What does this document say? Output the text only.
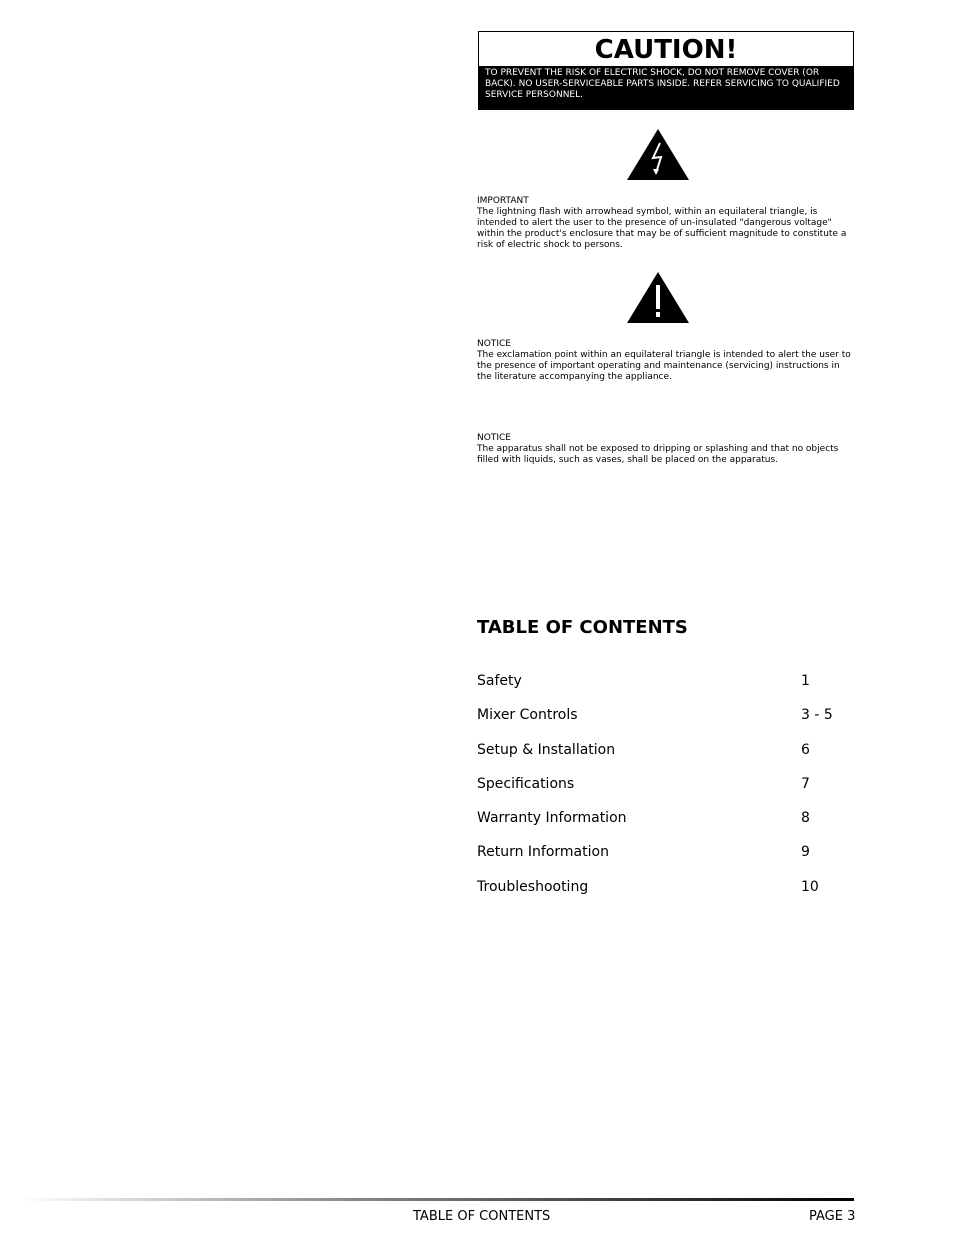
CAUTION!
TO PREVENT THE RISK OF ELECTRIC SHOCK, DO NOT REMOVE COVER (OR BACK). NO USER-SERVICEABLE PARTS INSIDE. REFER SERVICING TO QUALIFIED SERVICE PERSONNEL.
IMPORTANT
The lightning flash with arrowhead symbol, within an equilateral triangle, is intended to alert the user to the presence of un-insulated "dangerous voltage" within the product's enclosure that may be of sufficient magnitude to constitute a risk of electric shock to persons.
NOTICE
The exclamation point within an equilateral triangle is intended to alert the user to the presence of important operating and maintenance (servicing) instructions in the literature accompanying the appliance.
NOTICE
The apparatus shall not be exposed to dripping or splashing and that no objects filled with liquids, such as vases, shall be placed on the apparatus.
TABLE OF CONTENTS
Safety	1
Mixer Controls	3 - 5
Setup & Installation	6
Specifications	7
Warranty Information	8
Return Information	9
Troubleshooting	10
TABLE OF CONTENTS	PAGE 3
